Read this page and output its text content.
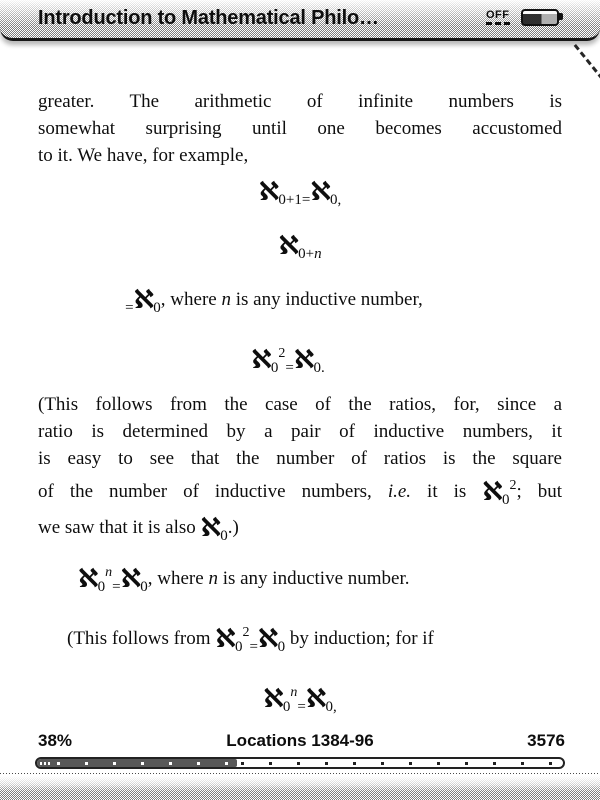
Introduction to Mathematical Philo…	OFF
greater. The arithmetic of infinite numbers is
somewhat surprising until one becomes accustomed
to it. We have, for example,
ℵ$_{0+1=}$ℵ$_{0,}$
ℵ$_{0+n}$
$_=$ℵ$_0$, where n is any inductive number,
ℵ$_0^2_=$ℵ$_{0.}$
(This follows from the case of the ratios, for, since a
ratio is determined by a pair of inductive numbers, it
is easy to see that the number of ratios is the square
of the number of inductive numbers, i.e. it is ℵ$_0^2$; but
we saw that it is also ℵ$_0$.)
ℵ$_0^n_=$ℵ$_0$, where n is any inductive number.
(This follows from ℵ$_0^2_=$ℵ$_0$ by induction; for if
ℵ$_0^n_=$ℵ$_{0,}$
38%	Locations 1384-96	3576
